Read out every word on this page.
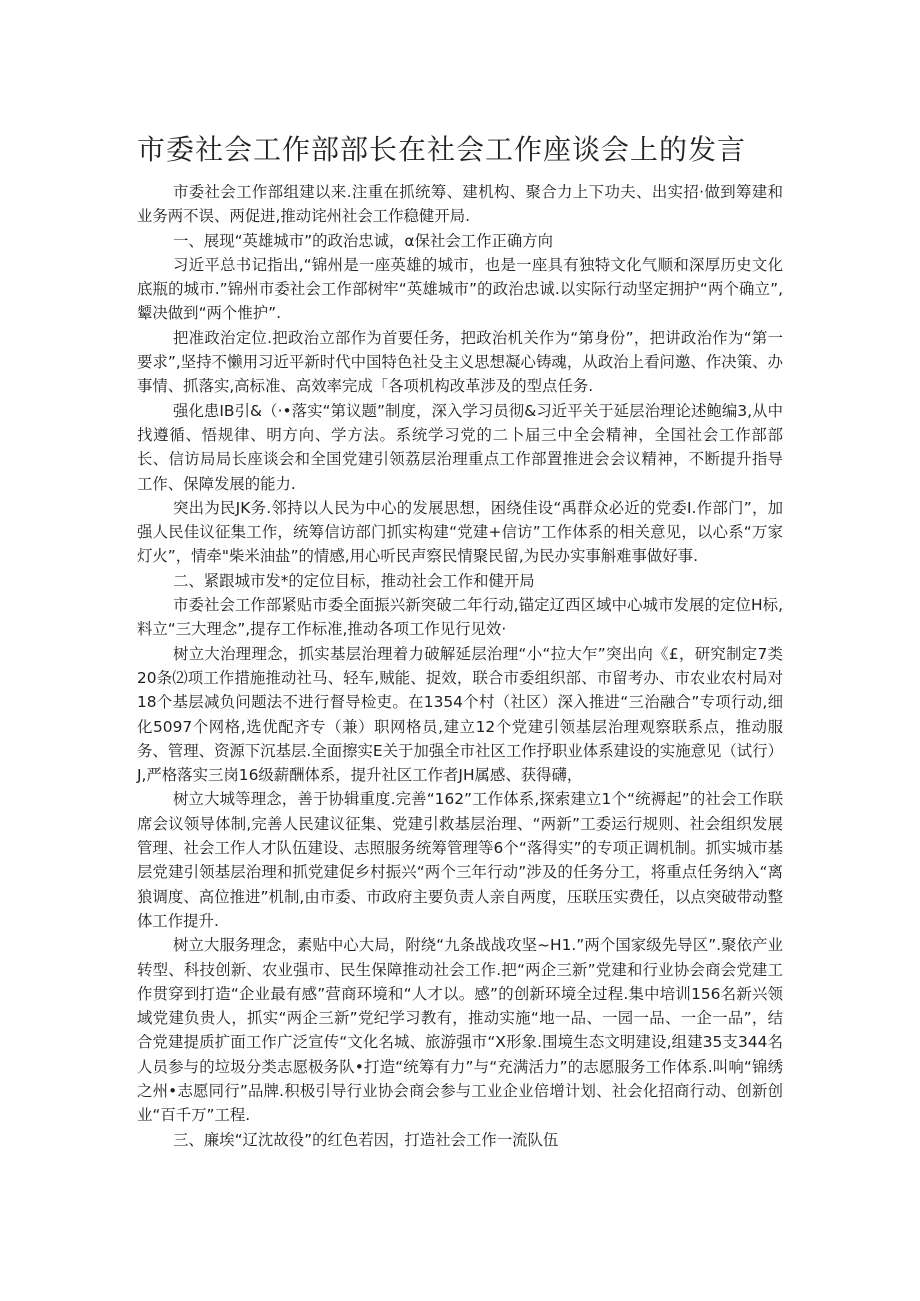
市委社会工作部部长在社会工作座谈会上的发言

市委社会工作部组建以来.注重在抓统筹、建机构、聚合力上下功夫、出实招·做到筹建和业务两不误、两促进,推动诧州社会工作稳健开局.

一、展现“英雄城市”的政治忠诚，α保社会工作正确方向

习近平总书记指出,“锦州是一座英雄的城市，也是一座具有独特文化气顺和深厚历史文化底瓶的城市.”锦州市委社会工作部树牢“英雄城市”的政治忠诚.以实际行动坚定拥护“两个确立”,颦决做到“两个惟护”.

把准政治定位.把政治立部作为首要任务，把政治机关作为“第身份”，把讲政治作为“第一要求”,坚持不懒用习近平新时代中国特色社殳主义思想凝心铸魂，从政治上看问邀、作决策、办事情、抓落实,高标准、高效率完成「各项机构改革涉及的型点任务.

强化患IB引&（·•落实“第议题”制度，深入学习员彻&习近平关于延层治理论述鲍编3,从中找遵循、悟规律、明方向、学方法。系统学习党的二卜届三中全会精神，全国社会工作部部长、信访局局长座谈会和全国党建引领荔层治理重点工作部置推进会会议精神，不断提升指导工作、保障发展的能力.

突出为民JK务.邻持以人民为中心的发展思想，困绕佳设“禹群众必近的党委I.作部门”，加强人民佳议征集工作，统筹信访部门抓实构建“党建+信访”工作体系的相关意见，以心系“万家灯火”，情牵"柴米油盐”的情感,用心听民声察民情聚民留,为民办实事斛难事做好事.

二、紧跟城市发*的定位目标，推动社会工作和健开局

市委社会工作部紧贴市委全面振兴新突破二年行动,锚定辽西区域中心城市发展的定位H标,料立“三大理念”,提存工作标准,推动各项工作见行见效·

树立大治理理念，抓实基层治理着力破解延层治理“小“拉大乍”突出向《£，研究制定7类20条⑵项工作措施推动社马、轻车,贼能、捉效，联合市委组织部、市留考办、市农业农村局对18个基层减负问题法不进行督导检吏。在1354个村（社区）深入推进“三治融合”专项行动,细化5097个网格,选优配齐专（兼）职网格员,建立12个党建引领基层治理观察联系点，推动服务、管理、资源下沉基层.全面擦实E关于加强全市社区工作抒职业体系建设的实施意见（试行）J,严格落实三岗16级薪酬体系，提升社区工作者JH属感、获得礴，

树立大城等理念，善于协辑重度.完善“162”工作体系,探索建立1个“统褥起”的社会工作联席会议领导体制,完善人民建议征集、党建引救基层治理、“两新”工委运行规则、社会组织发展管理、社会工作人才队伍建设、志照服务统筹管理等6个“落得实”的专项正调机制。抓实城市基层党建引领基层治理和抓党建促乡村振兴“两个三年行动”涉及的任务分工，将重点任务纳入“离狼调度、高位推进”机制,由市委、市政府主要负责人亲自两度，压联压实费任，以点突破带动整体工作提升.

树立大服务理念，素贴中心大局，附绕“九条战战攻坚~H1.”两个国家级先导区”.聚依产业转型、科技创新、农业强市、民生保障推动社会工作.把“两企三新”党建和行业协会商会党建工作贯穿到打造“企业最有感”营商环境和“人才以。感”的创新环境全过程.集中培训156名新兴领域党建负贵人，抓实“两企三新”党纪学习教有，推动实施“地一品、一园一品、一企一品”，结合党建提质扩面工作广泛宣传“文化名城、旅游强市“X形象.围境生态文明建设,组建35支344名人员参与的垃圾分类志愿极务队•打造“统筹有力”与“充满活力”的志愿服务工作体系.叫响“锦绣之州•志愿同行”品牌.积极引导行业协会商会参与工业企业倍增计划、社会化招商行动、创新创业“百千万”工程.

三、廉埃“辽沈故役”的红色若因，打造社会工作一流队伍
